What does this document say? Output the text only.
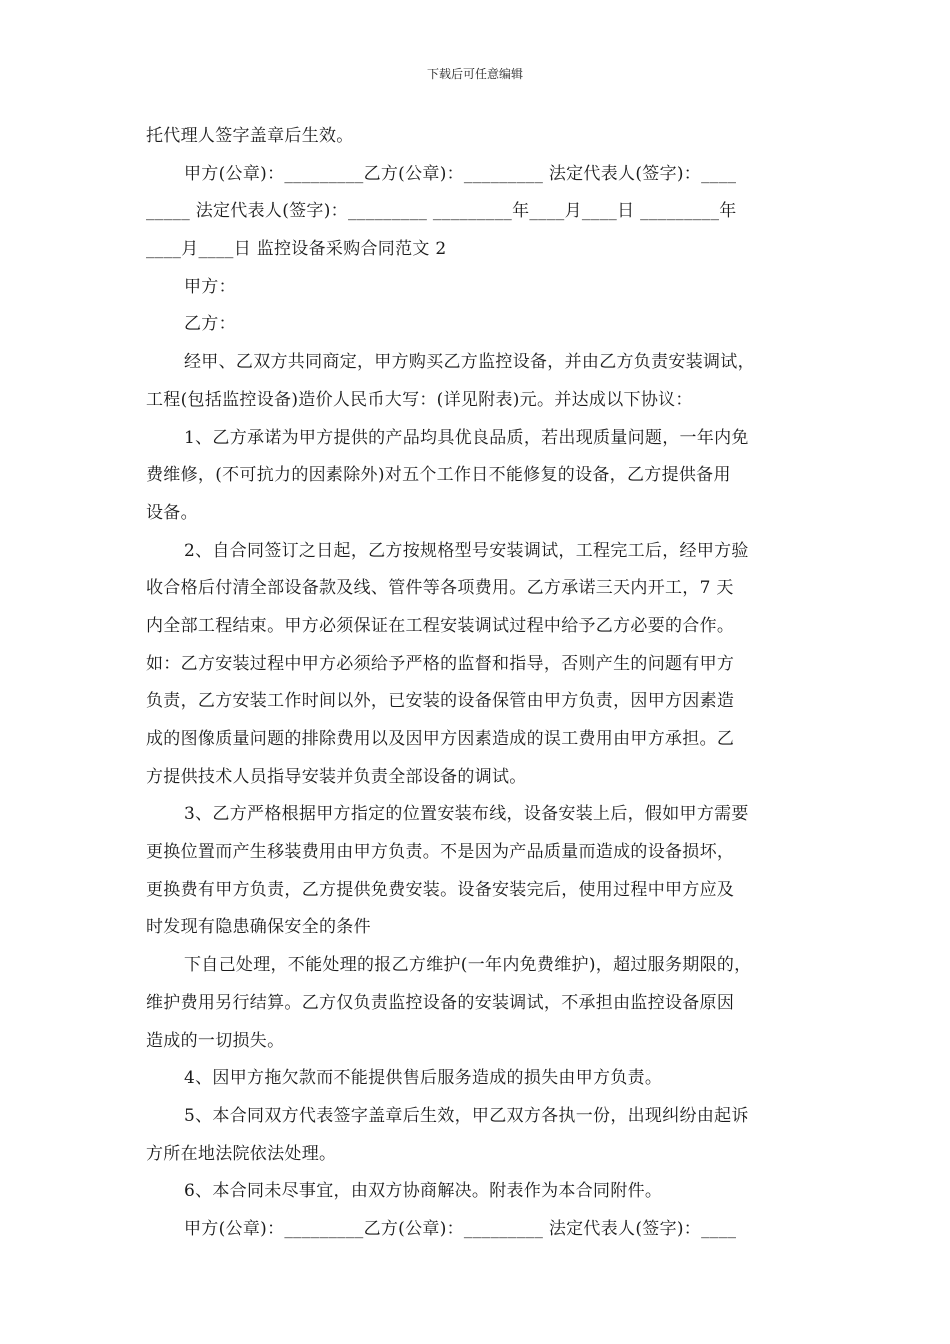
下载后可任意编辑
托代理人签字盖章后生效。
甲方(公章)：_________乙方(公章)：_________ 法定代表人(签字)：____
_____ 法定代表人(签字)：_________ _________年____月____日 _________年
____月____日 监控设备采购合同范文 2
甲方：
乙方：
经甲、乙双方共同商定，甲方购买乙方监控设备，并由乙方负责安装调试，
工程(包括监控设备)造价人民币大写：(详见附表)元。并达成以下协议：
1、乙方承诺为甲方提供的产品均具优良品质，若出现质量问题，一年内免
费维修，(不可抗力的因素除外)对五个工作日不能修复的设备，乙方提供备用
设备。
2、自合同签订之日起，乙方按规格型号安装调试，工程完工后，经甲方验
收合格后付清全部设备款及线、管件等各项费用。乙方承诺三天内开工，7 天
内全部工程结束。甲方必须保证在工程安装调试过程中给予乙方必要的合作。
如：乙方安装过程中甲方必须给予严格的监督和指导，否则产生的问题有甲方
负责，乙方安装工作时间以外，已安装的设备保管由甲方负责，因甲方因素造
成的图像质量问题的排除费用以及因甲方因素造成的误工费用由甲方承担。乙
方提供技术人员指导安装并负责全部设备的调试。
3、乙方严格根据甲方指定的位置安装布线，设备安装上后，假如甲方需要
更换位置而产生移装费用由甲方负责。不是因为产品质量而造成的设备损坏，
更换费有甲方负责，乙方提供免费安装。设备安装完后，使用过程中甲方应及
时发现有隐患确保安全的条件
下自己处理，不能处理的报乙方维护(一年内免费维护)，超过服务期限的，
维护费用另行结算。乙方仅负责监控设备的安装调试，不承担由监控设备原因
造成的一切损失。
4、因甲方拖欠款而不能提供售后服务造成的损失由甲方负责。
5、本合同双方代表签字盖章后生效，甲乙双方各执一份，出现纠纷由起诉
方所在地法院依法处理。
6、本合同未尽事宜，由双方协商解决。附表作为本合同附件。
甲方(公章)：_________乙方(公章)：_________ 法定代表人(签字)：____
